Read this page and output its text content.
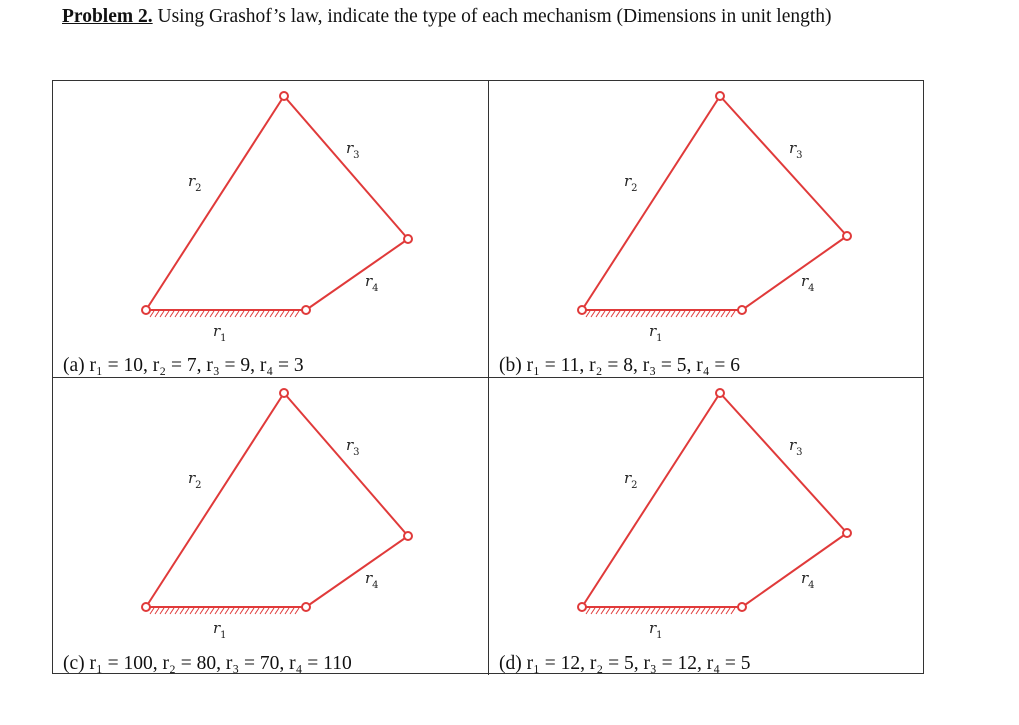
Problem 2. Using Grashof’s law, indicate the type of each mechanism (Dimensions in unit length)
$r_1$
$r_2$
$r_3$
$r_4$
(a) r₁ = 10, r₂ = 7, r₃ = 9, r₄ = 3
$r_1$
$r_2$
$r_3$
$r_4$
(b) r₁ = 11, r₂ = 8, r₃ = 5, r₄ = 6
$r_1$
$r_2$
$r_3$
$r_4$
(c) r₁ = 100, r₂ = 80, r₃ = 70, r₄ = 110
$r_1$
$r_2$
$r_3$
$r_4$
(d) r₁ = 12, r₂ = 5, r₃ = 12, r₄ = 5
